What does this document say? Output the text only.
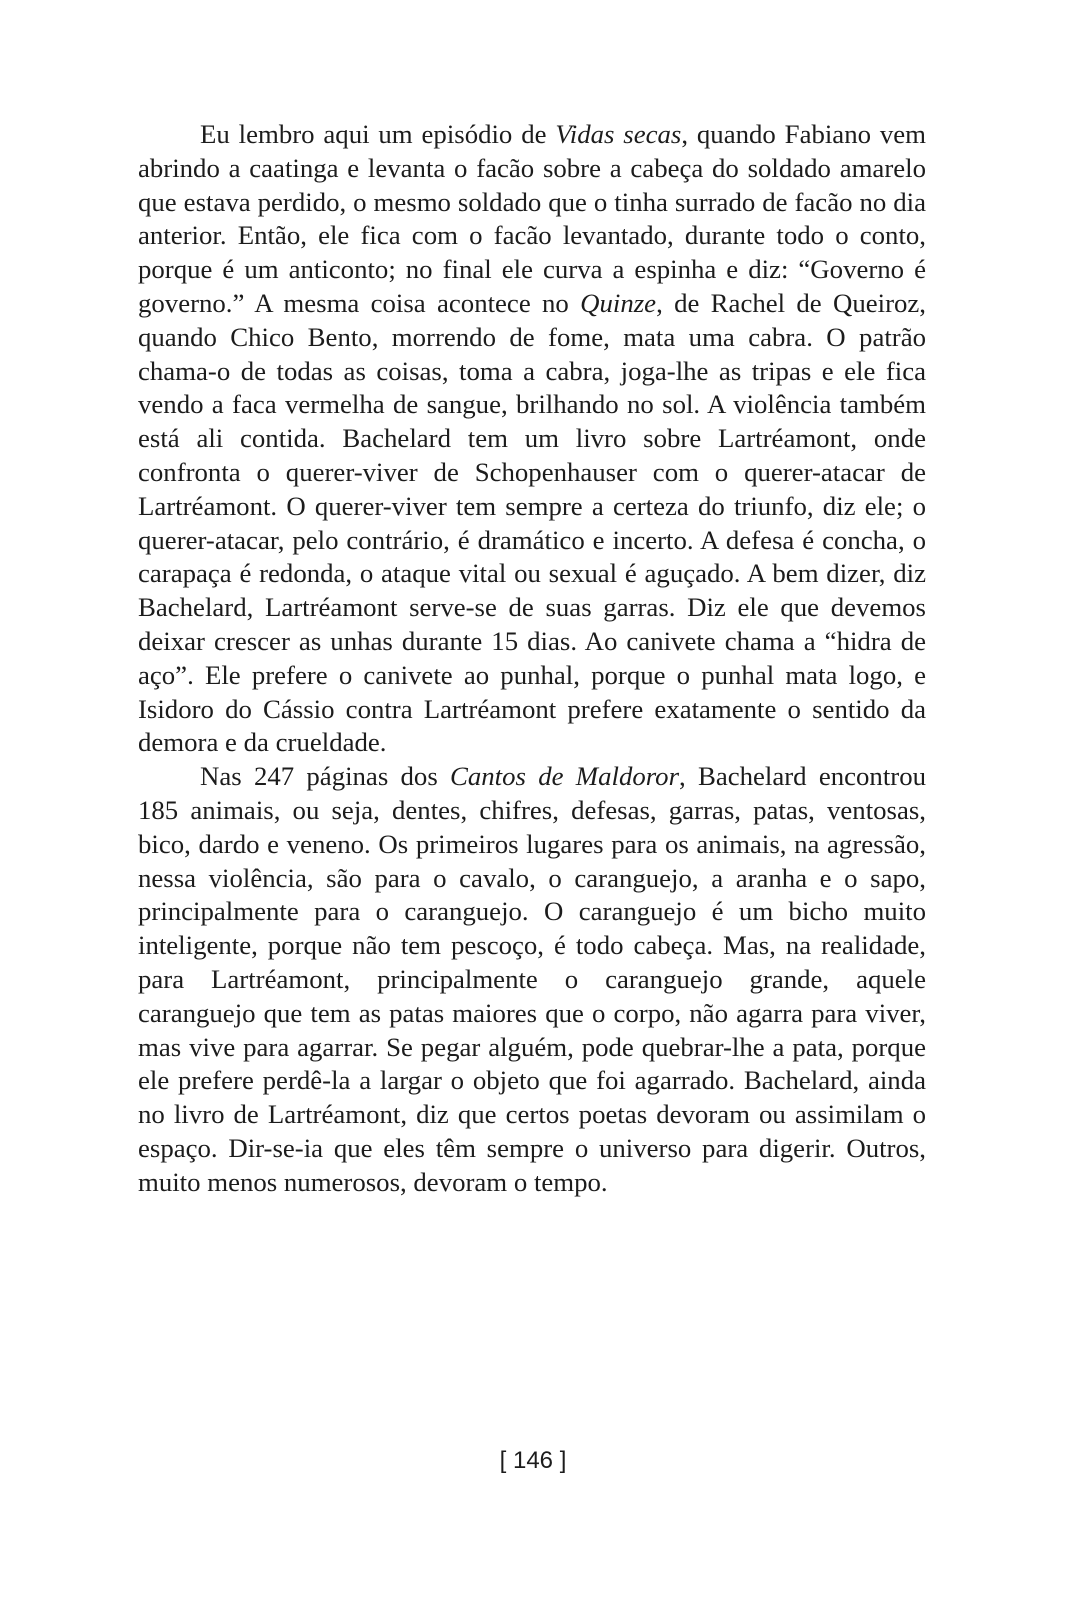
Eu lembro aqui um episódio de Vidas secas, quando Fabiano vem abrindo a caatinga e levanta o facão sobre a cabeça do soldado amarelo que estava perdido, o mesmo soldado que o tinha surrado de facão no dia anterior. Então, ele fica com o facão levantado, durante todo o conto, porque é um anticonto; no final ele curva a espinha e diz: “Governo é governo.” A mesma coisa acontece no Quinze, de Rachel de Queiroz, quando Chico Bento, morrendo de fome, mata uma cabra. O patrão chama-o de todas as coisas, toma a cabra, joga-lhe as tripas e ele fica vendo a faca vermelha de sangue, brilhando no sol. A violência também está ali contida. Bachelard tem um livro sobre Lartréamont, onde confronta o querer-viver de Schopenhauser com o querer-atacar de Lartréamont. O querer-viver tem sempre a certeza do triunfo, diz ele; o querer-atacar, pelo contrário, é dramático e incerto. A defesa é concha, o carapaça é redonda, o ataque vital ou sexual é aguçado. A bem dizer, diz Bachelard, Lartréamont serve-se de suas garras. Diz ele que devemos deixar crescer as unhas durante 15 dias. Ao canivete chama a “hidra de aço”. Ele prefere o canivete ao punhal, porque o punhal mata logo, e Isidoro do Cássio contra Lartréamont prefere exatamente o sentido da demora e da crueldade.

Nas 247 páginas dos Cantos de Maldoror, Bachelard encontrou 185 animais, ou seja, dentes, chifres, defesas, garras, patas, ventosas, bico, dardo e veneno. Os primeiros lugares para os animais, na agressão, nessa violência, são para o cavalo, o caranguejo, a aranha e o sapo, principalmente para o caranguejo. O caranguejo é um bicho muito inteligente, porque não tem pescoço, é todo cabeça. Mas, na realidade, para Lartréamont, principalmente o caranguejo grande, aquele caranguejo que tem as patas maiores que o corpo, não agarra para viver, mas vive para agarrar. Se pegar alguém, pode quebrar-lhe a pata, porque ele prefere perdê-la a largar o objeto que foi agarrado. Bachelard, ainda no livro de Lartréamont, diz que certos poetas devoram ou assimilam o espaço. Dir-se-ia que eles têm sempre o universo para digerir. Outros, muito menos numerosos, devoram o tempo.

[ 146 ]
